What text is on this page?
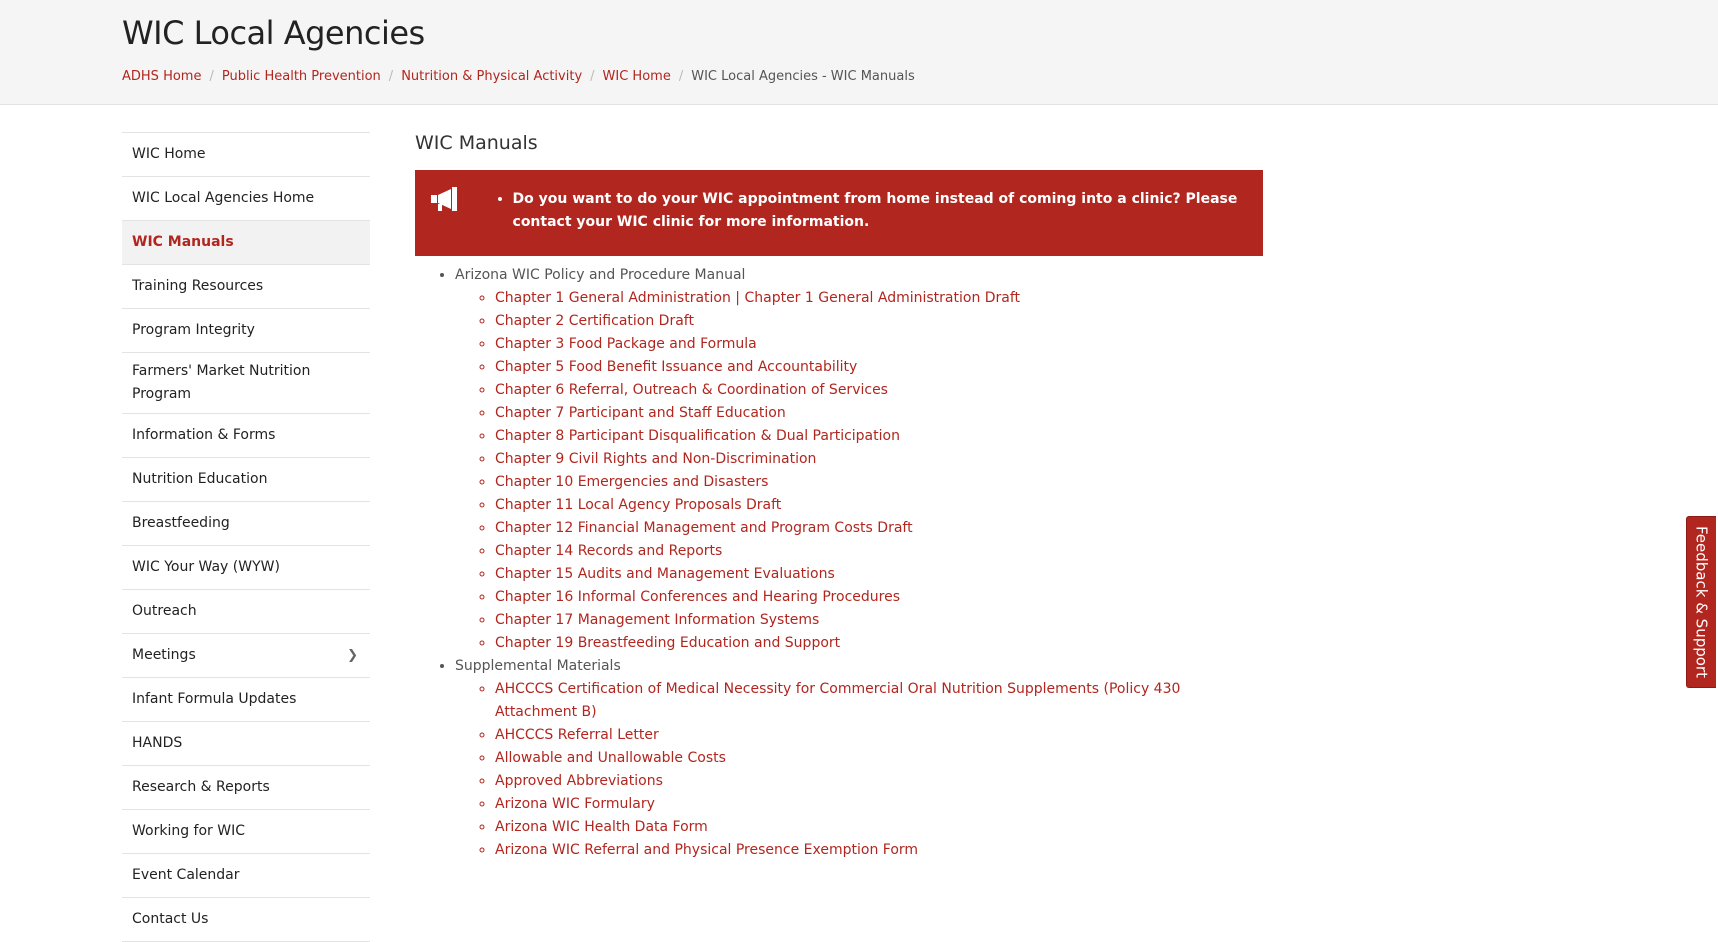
WIC Local Agencies
ADHS Home / Public Health Prevention / Nutrition & Physical Activity / WIC Home / WIC Local Agencies - WIC Manuals
WIC Home
WIC Local Agencies Home
WIC Manuals
Training Resources
Program Integrity
Farmers' Market Nutrition Program
Information & Forms
Nutrition Education
Breastfeeding
WIC Your Way (WYW)
Outreach
Meetings	❯
Infant Formula Updates
HANDS
Research & Reports
Working for WIC
Event Calendar
Contact Us
WIC Manuals
• Do you want to do your WIC appointment from home instead of coming into a clinic? Please contact your WIC clinic for more information.
• Arizona WIC Policy and Procedure Manual
◦ Chapter 1 General Administration | Chapter 1 General Administration Draft
◦ Chapter 2 Certification Draft
◦ Chapter 3 Food Package and Formula
◦ Chapter 5 Food Benefit Issuance and Accountability
◦ Chapter 6 Referral, Outreach & Coordination of Services
◦ Chapter 7 Participant and Staff Education
◦ Chapter 8 Participant Disqualification & Dual Participation
◦ Chapter 9 Civil Rights and Non-Discrimination
◦ Chapter 10 Emergencies and Disasters
◦ Chapter 11 Local Agency Proposals Draft
◦ Chapter 12 Financial Management and Program Costs Draft
◦ Chapter 14 Records and Reports
◦ Chapter 15 Audits and Management Evaluations
◦ Chapter 16 Informal Conferences and Hearing Procedures
◦ Chapter 17 Management Information Systems
◦ Chapter 19 Breastfeeding Education and Support
• Supplemental Materials
◦ AHCCCS Certification of Medical Necessity for Commercial Oral Nutrition Supplements (Policy 430 Attachment B)
◦ AHCCCS Referral Letter
◦ Allowable and Unallowable Costs
◦ Approved Abbreviations
◦ Arizona WIC Formulary
◦ Arizona WIC Health Data Form
◦ Arizona WIC Referral and Physical Presence Exemption Form
Feedback & Support
